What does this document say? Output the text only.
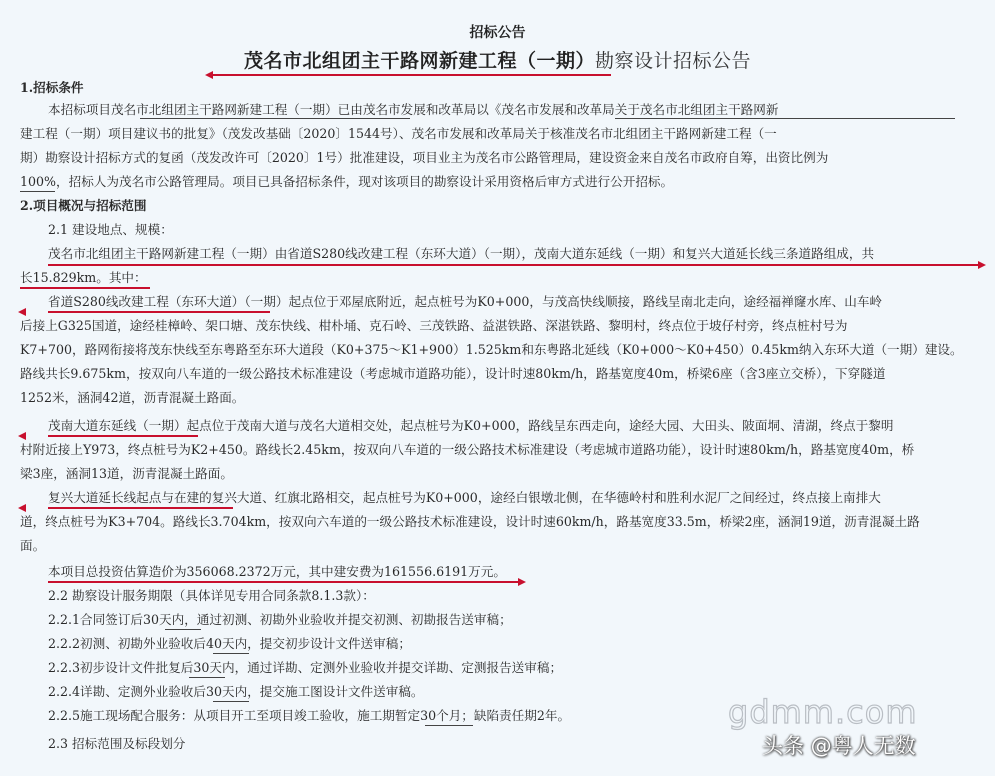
招标公告
茂名市北组团主干路网新建工程（一期）勘察设计招标公告
1.招标条件
本招标项目茂名市北组团主干路网新建工程（一期）已由茂名市发展和改革局以《茂名市发展和改革局关于茂名市北组团主干路网新
建工程（一期）项目建议书的批复》（茂发改基础〔2020〕1544号）、茂名市发展和改革局关于核准茂名市北组团主干路网新建工程（一
期）勘察设计招标方式的复函（茂发改许可〔2020〕1号）批准建设，项目业主为茂名市公路管理局，建设资金来自茂名市政府自筹，出资比例为
100%，招标人为茂名市公路管理局。项目已具备招标条件，现对该项目的勘察设计采用资格后审方式进行公开招标。
2.项目概况与招标范围
2.1 建设地点、规模：
茂名市北组团主干路网新建工程（一期）由省道S280线改建工程（东环大道）（一期），茂南大道东延线（一期）和复兴大道延长线三条道路组成，共
长15.829km。其中：
省道S280线改建工程（东环大道）（一期）起点位于邓屋底附近，起点桩号为K0+000，与茂高快线顺接，路线呈南北走向，途经福禅窿水库、山车岭
后接上G325国道，途经桂樟岭、架口塘、茂东快线、柑朴埇、克石岭、三茂铁路、益湛铁路、深湛铁路、黎明村，终点位于坡仔村旁，终点桩村号为
K7+700，路网衔接将茂东快线至东粤路至东环大道段（K0+375～K1+900）1.525km和东粤路北延线（K0+000～K0+450）0.45km纳入东环大道（一期）建设。
路线共长9.675km，按双向八车道的一级公路技术标准建设（考虑城市道路功能），设计时速80km/h，路基宽度40m，桥梁6座（含3座立交桥），下穿隧道
1252米，涵洞42道，沥青混凝土路面。
茂南大道东延线（一期）起点位于茂南大道与茂名大道相交处，起点桩号为K0+000，路线呈东西走向，途经大园、大田头、陂面垌、清湖，终点于黎明
村附近接上Y973，终点桩号为K2+450。路线长2.45km，按双向八车道的一级公路技术标准建设（考虑城市道路功能），设计时速80km/h，路基宽度40m，桥
梁3座，涵洞13道，沥青混凝土路面。
复兴大道延长线起点与在建的复兴大道、红旗北路相交，起点桩号为K0+000，途经白银墩北侧，在华德岭村和胜利水泥厂之间经过，终点接上南排大
道，终点桩号为K3+704。路线长3.704km，按双向六车道的一级公路技术标准建设，设计时速60km/h，路基宽度33.5m，桥梁2座，涵洞19道，沥青混凝土路
面。
本项目总投资估算造价为356068.2372万元，其中建安费为161556.6191万元。
2.2 勘察设计服务期限（具体详见专用合同条款8.1.3款）：
2.2.1合同签订后30天内，通过初测、初勘外业验收并提交初测、初勘报告送审稿；
2.2.2初测、初勘外业验收后40天内，提交初步设计文件送审稿；
2.2.3初步设计文件批复后30天内，通过详勘、定测外业验收并提交详勘、定测报告送审稿；
2.2.4详勘、定测外业验收后30天内，提交施工图设计文件送审稿。
2.2.5施工现场配合服务：从项目开工至项目竣工验收，施工期暂定30个月；缺陷责任期2年。
2.3 招标范围及标段划分
gdmm.com
头条 @粤人无数
